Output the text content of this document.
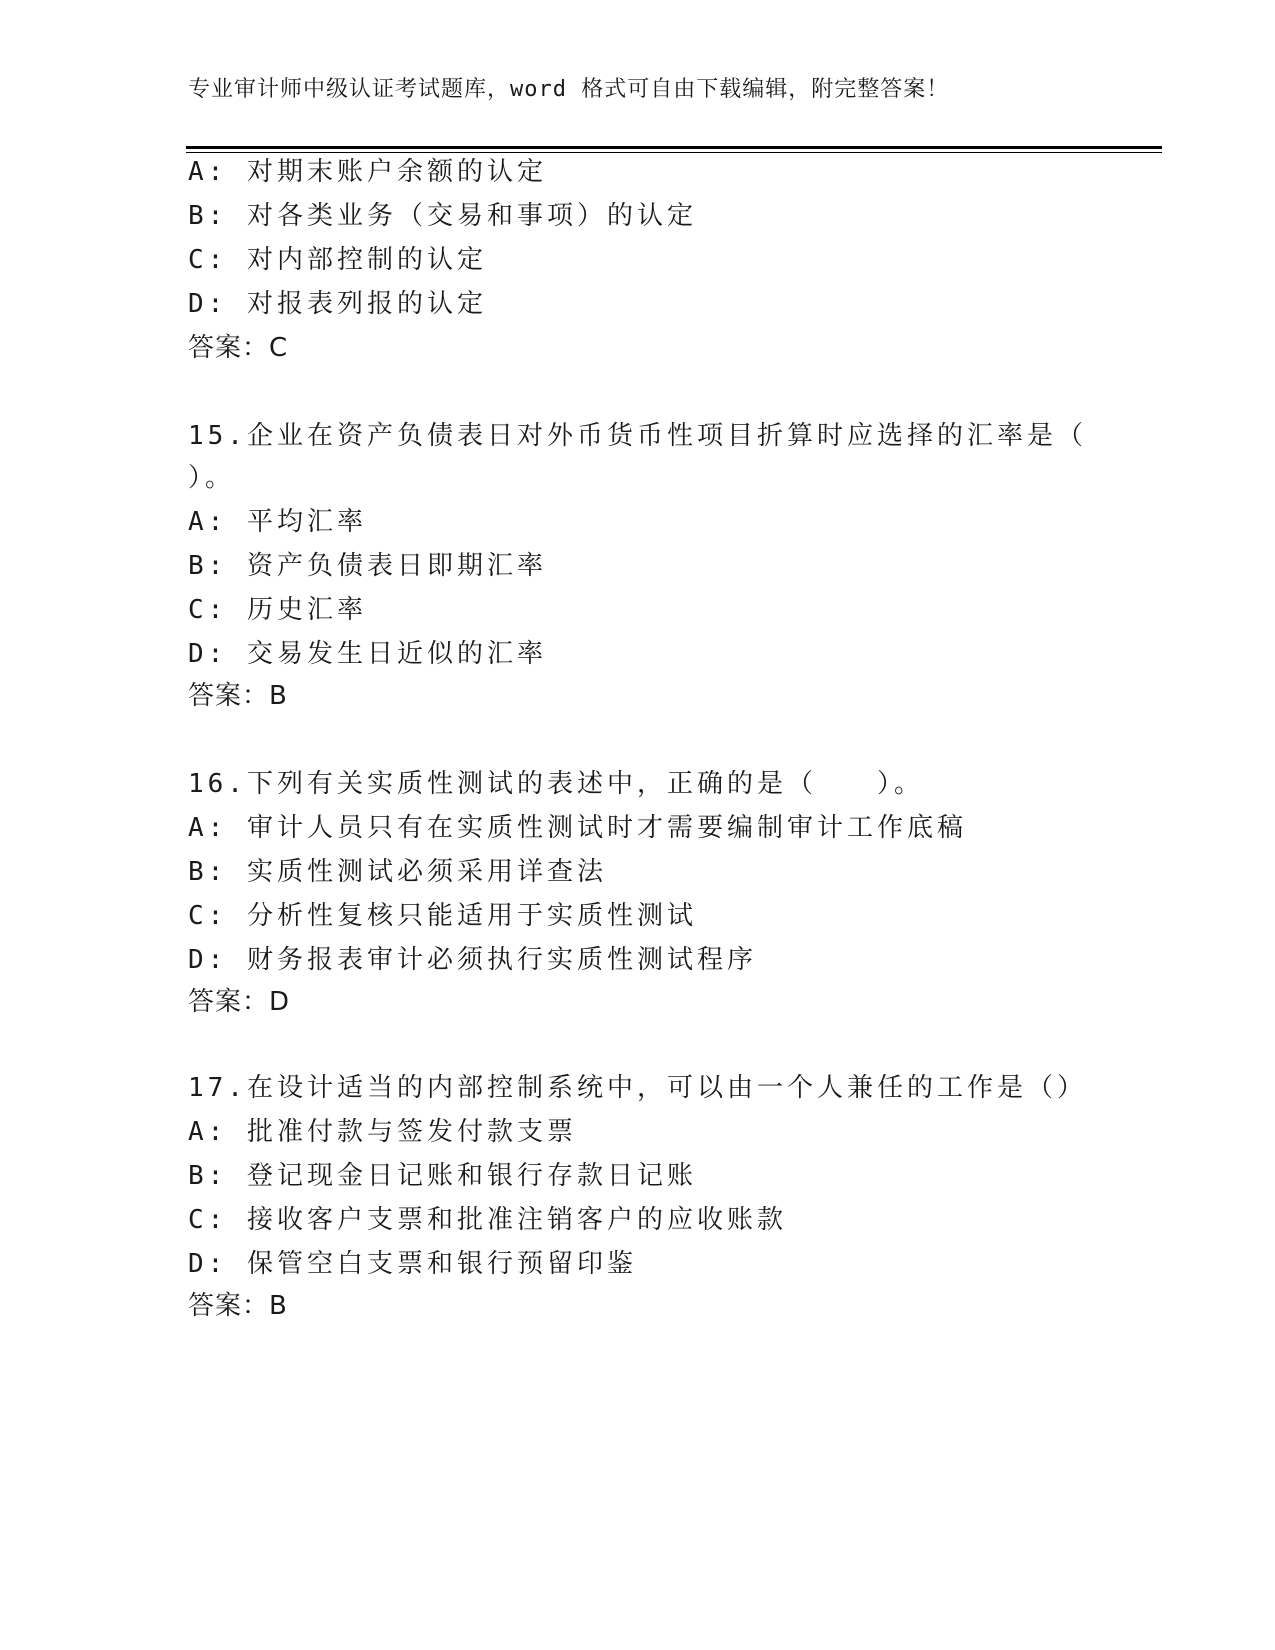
专业审计师中级认证考试题库，word 格式可自由下载编辑，附完整答案！
A: 对期末账户余额的认定
B: 对各类业务（交易和事项）的认定
C: 对内部控制的认定
D: 对报表列报的认定
答案：C
15.企业在资产负债表日对外币货币性项目折算时应选择的汇率是（
）。
A: 平均汇率
B: 资产负债表日即期汇率
C: 历史汇率
D: 交易发生日近似的汇率
答案：B
16.下列有关实质性测试的表述中，正确的是（　　）。
A: 审计人员只有在实质性测试时才需要编制审计工作底稿
B: 实质性测试必须采用详查法
C: 分析性复核只能适用于实质性测试
D: 财务报表审计必须执行实质性测试程序
答案：D
17.在设计适当的内部控制系统中，可以由一个人兼任的工作是（）
A: 批准付款与签发付款支票
B: 登记现金日记账和银行存款日记账
C: 接收客户支票和批准注销客户的应收账款
D: 保管空白支票和银行预留印鉴
答案：B
